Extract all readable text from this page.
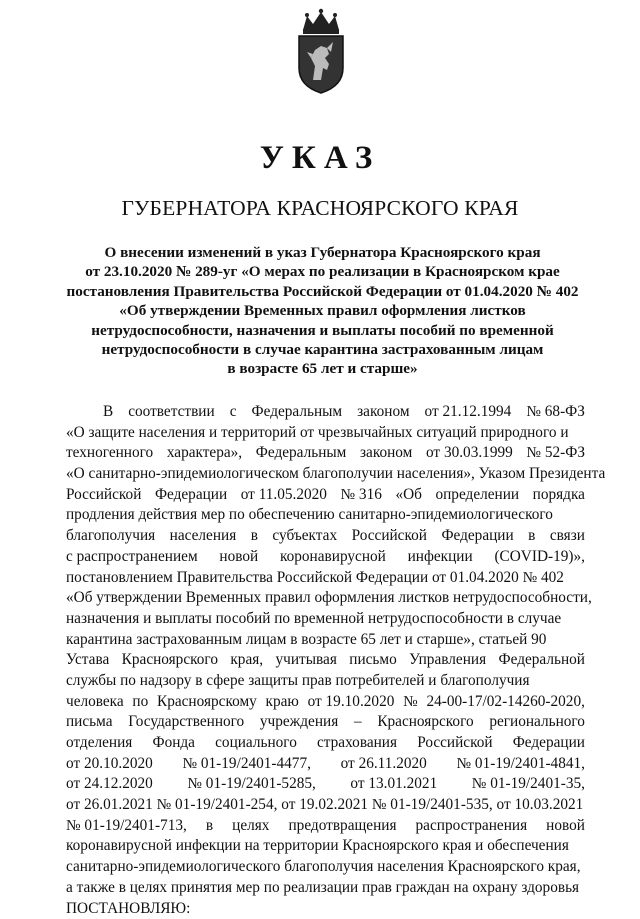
УКАЗ
ГУБЕРНАТОРА КРАСНОЯРСКОГО КРАЯ
О внесении изменений в указ Губернатора Красноярского края
от 23.10.2020 № 289-уг «О мерах по реализации в Красноярском крае
постановления Правительства Российской Федерации от 01.04.2020 № 402
«Об утверждении Временных правил оформления листков
нетрудоспособности, назначения и выплаты пособий по временной
нетрудоспособности в случае карантина застрахованным лицам
в возрасте 65 лет и старше»
В соответствии с Федеральным законом от 21.12.1994 № 68-ФЗ
«О защите населения и территорий от чрезвычайных ситуаций природного и
техногенного характера», Федеральным законом от 30.03.1999 № 52-ФЗ
«О санитарно-эпидемиологическом благополучии населения», Указом Президента
Российской Федерации от 11.05.2020 № 316 «Об определении порядка
продления действия мер по обеспечению санитарно-эпидемиологического
благополучия населения в субъектах Российской Федерации в связи
с распространением новой коронавирусной инфекции (COVID-19)»,
постановлением Правительства Российской Федерации от 01.04.2020 № 402
«Об утверждении Временных правил оформления листков нетрудоспособности,
назначения и выплаты пособий по временной нетрудоспособности в случае
карантина застрахованным лицам в возрасте 65 лет и старше», статьей 90
Устава Красноярского края, учитывая письмо Управления Федеральной
службы по надзору в сфере защиты прав потребителей и благополучия
человека по Красноярскому краю от 19.10.2020 № 24-00-17/02-14260-2020,
письма Государственного учреждения – Красноярского регионального
отделения Фонда социального страхования Российской Федерации
от 20.10.2020 № 01-19/2401-4477, от 26.11.2020 № 01-19/2401-4841,
от 24.12.2020 № 01-19/2401-5285, от 13.01.2021 № 01-19/2401-35,
от 26.01.2021 № 01-19/2401-254, от 19.02.2021 № 01-19/2401-535, от 10.03.2021
№ 01-19/2401-713, в целях предотвращения распространения новой
коронавирусной инфекции на территории Красноярского края и обеспечения
санитарно-эпидемиологического благополучия населения Красноярского края,
а также в целях принятия мер по реализации прав граждан на охрану здоровья
ПОСТАНОВЛЯЮ:
